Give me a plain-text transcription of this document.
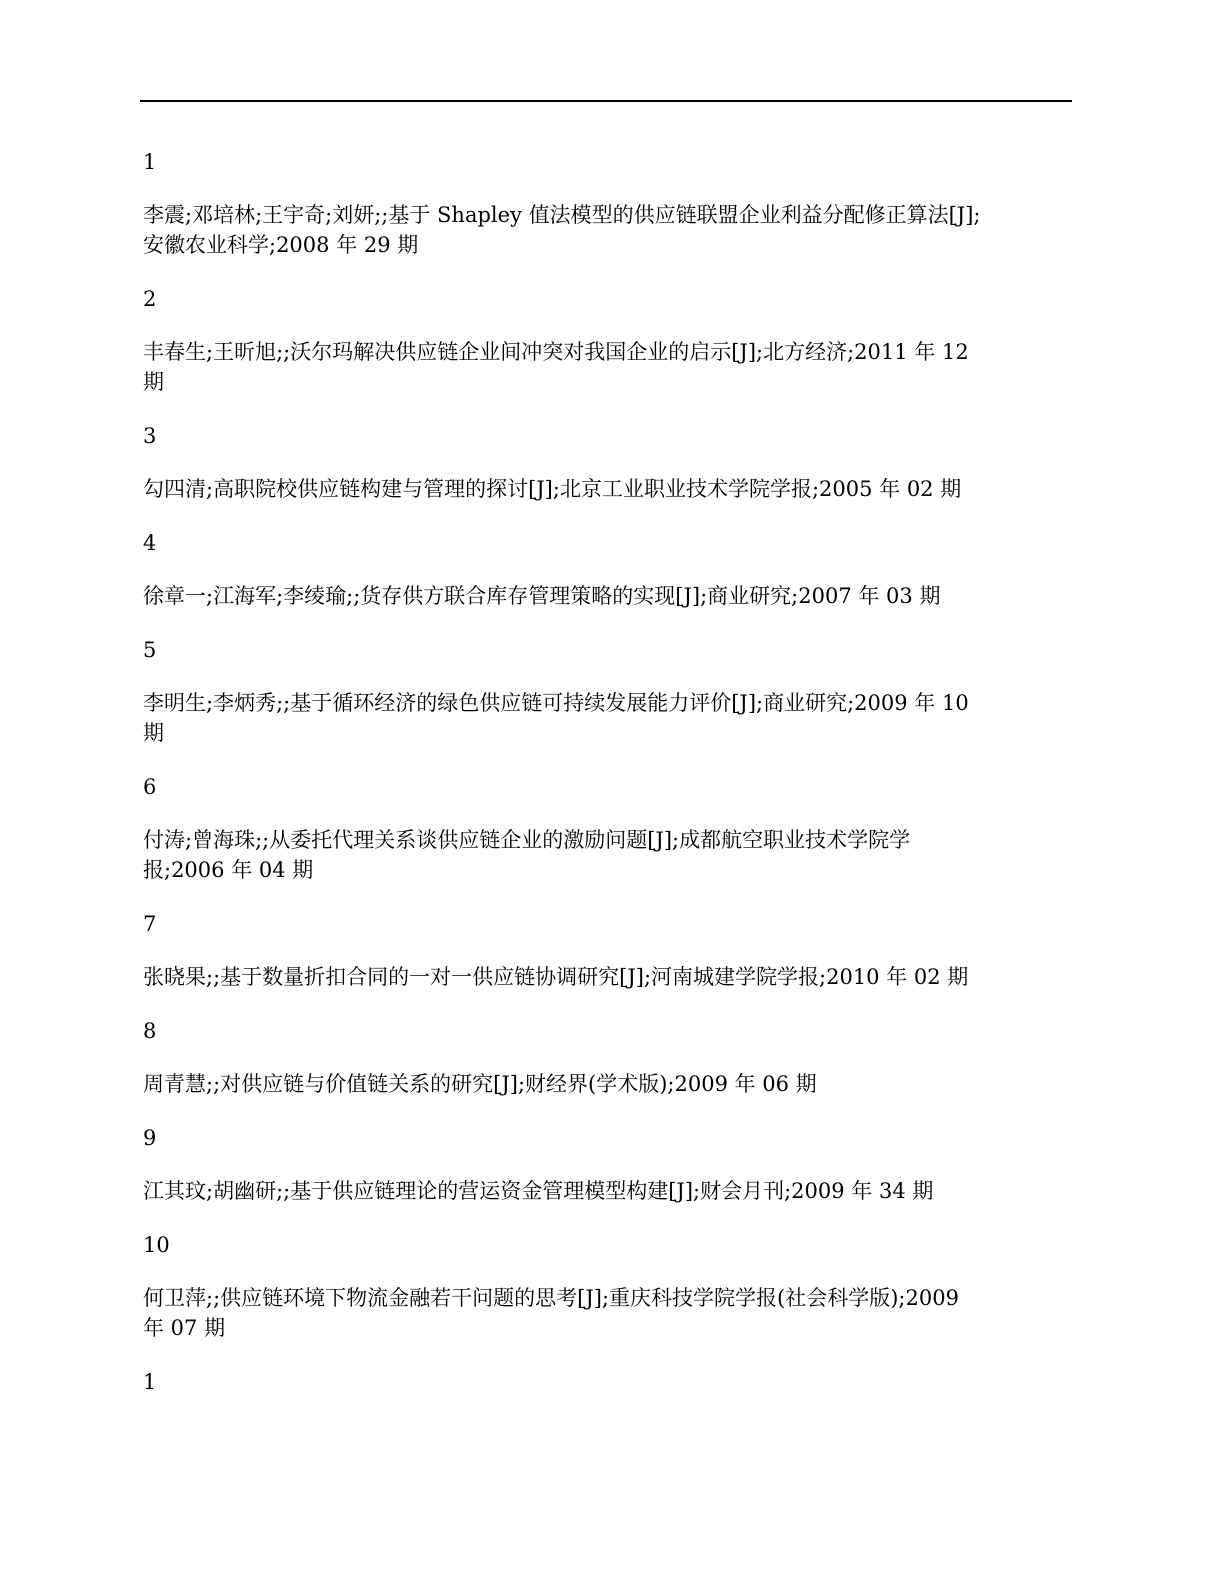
1
李震;邓培林;王宇奇;刘妍;;基于 Shapley 值法模型的供应链联盟企业利益分配修正算法[J];
安徽农业科学;2008 年 29 期
2
丰春生;王昕旭;;沃尔玛解决供应链企业间冲突对我国企业的启示[J];北方经济;2011 年 12
期
3
勾四清;高职院校供应链构建与管理的探讨[J];北京工业职业技术学院学报;2005 年 02 期
4
徐章一;江海军;李绫瑜;;货存供方联合库存管理策略的实现[J];商业研究;2007 年 03 期
5
李明生;李炳秀;;基于循环经济的绿色供应链可持续发展能力评价[J];商业研究;2009 年 10
期
6
付涛;曾海珠;;从委托代理关系谈供应链企业的激励问题[J];成都航空职业技术学院学
报;2006 年 04 期
7
张晓果;;基于数量折扣合同的一对一供应链协调研究[J];河南城建学院学报;2010 年 02 期
8
周青慧;;对供应链与价值链关系的研究[J];财经界(学术版);2009 年 06 期
9
江其玟;胡幽研;;基于供应链理论的营运资金管理模型构建[J];财会月刊;2009 年 34 期
10
何卫萍;;供应链环境下物流金融若干问题的思考[J];重庆科技学院学报(社会科学版);2009
年 07 期
1
